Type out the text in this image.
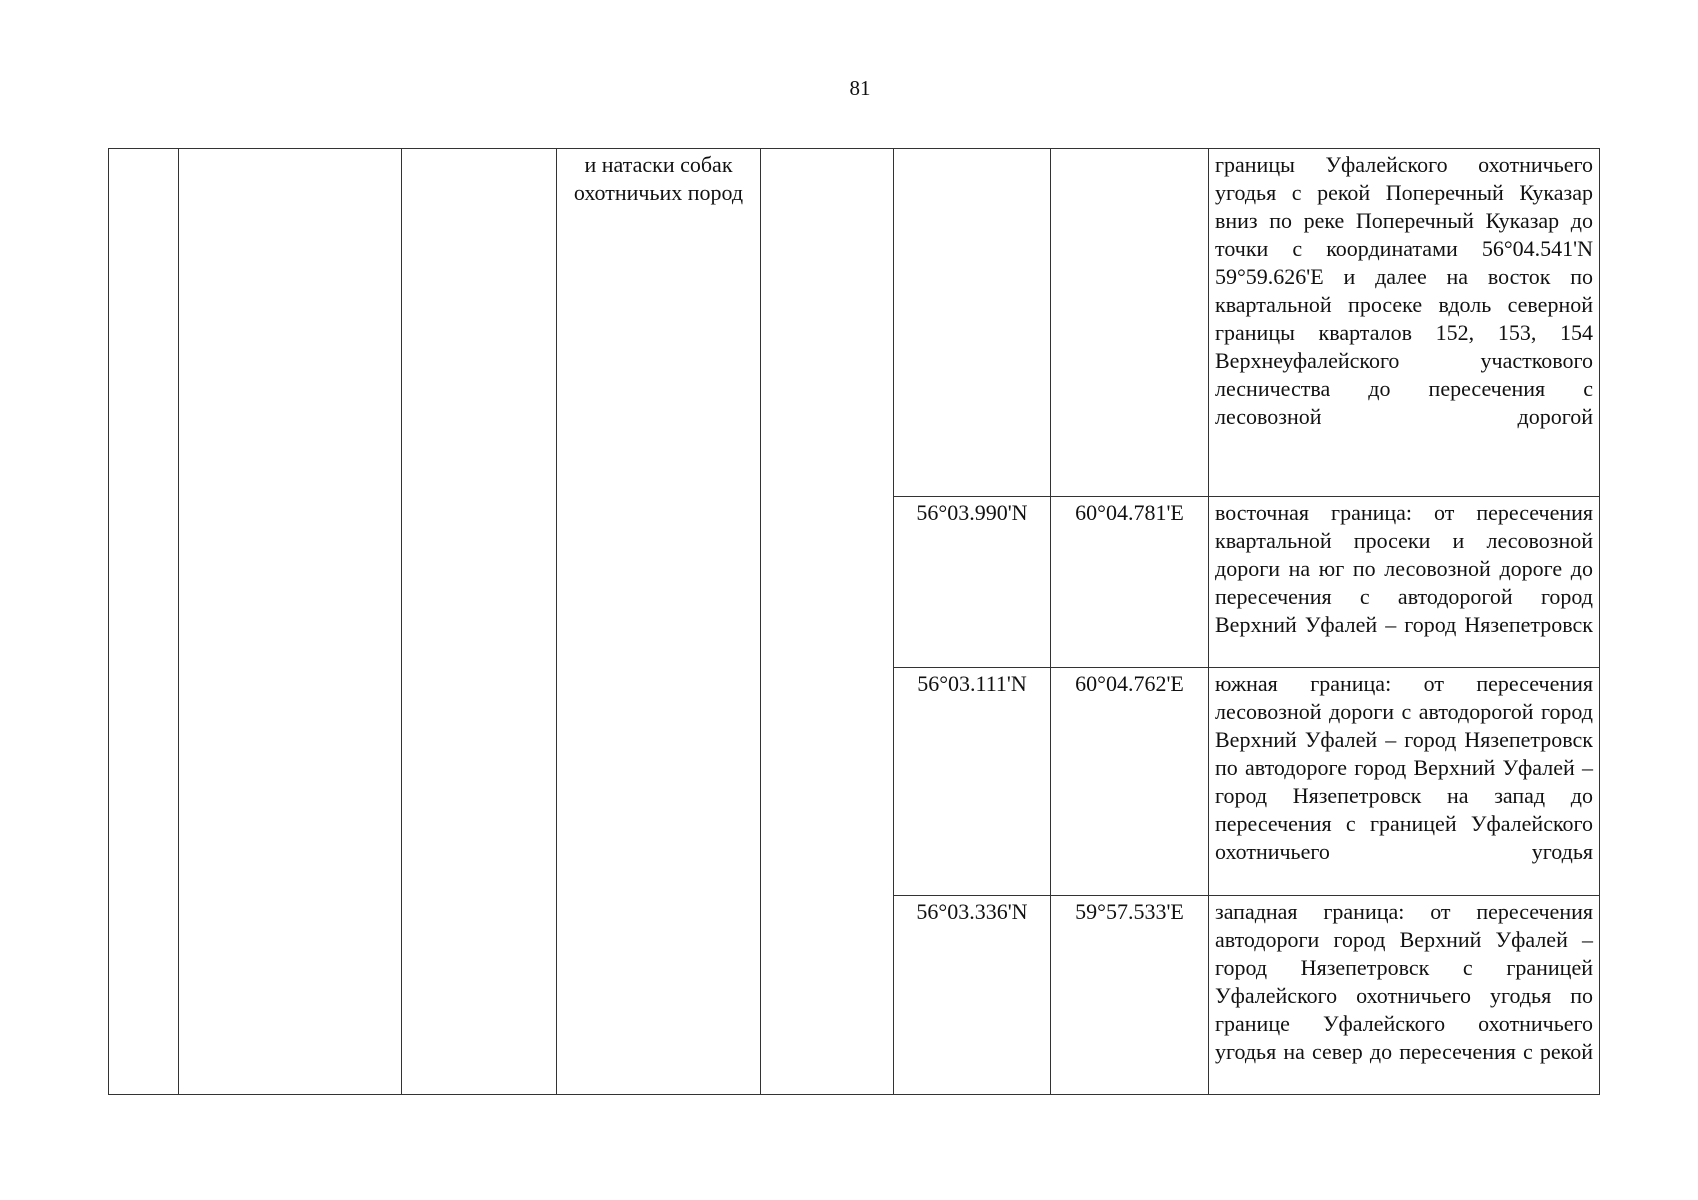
81
			и натаски собак охотничьих пород				границы Уфалейского охотничьего угодья с рекой Поперечный Куказар вниз по реке Поперечный Куказар до точки с координатами 56°04.541'N 59°59.626'E и далее на восток по квартальной просеке вдоль северной границы кварталов 152, 153, 154 Верхнеуфалейского участкового лесничества до пересечения с лесовозной дорогой
					56°03.990'N	60°04.781'E	восточная граница: от пересечения квартальной просеки и лесовозной дороги на юг по лесовозной дороге до пересечения с автодорогой город Верхний Уфалей – город Нязепетровск
					56°03.111'N	60°04.762'E	южная граница: от пересечения лесовозной дороги с автодорогой город Верхний Уфалей – город Нязепетровск по автодороге город Верхний Уфалей – город Нязепетровск на запад до пересечения с границей Уфалейского охотничьего угодья
					56°03.336'N	59°57.533'E	западная граница: от пересечения автодороги город Верхний Уфалей – город Нязепетровск с границей Уфалейского охотничьего угодья по границе Уфалейского охотничьего угодья на север до пересечения с рекой
